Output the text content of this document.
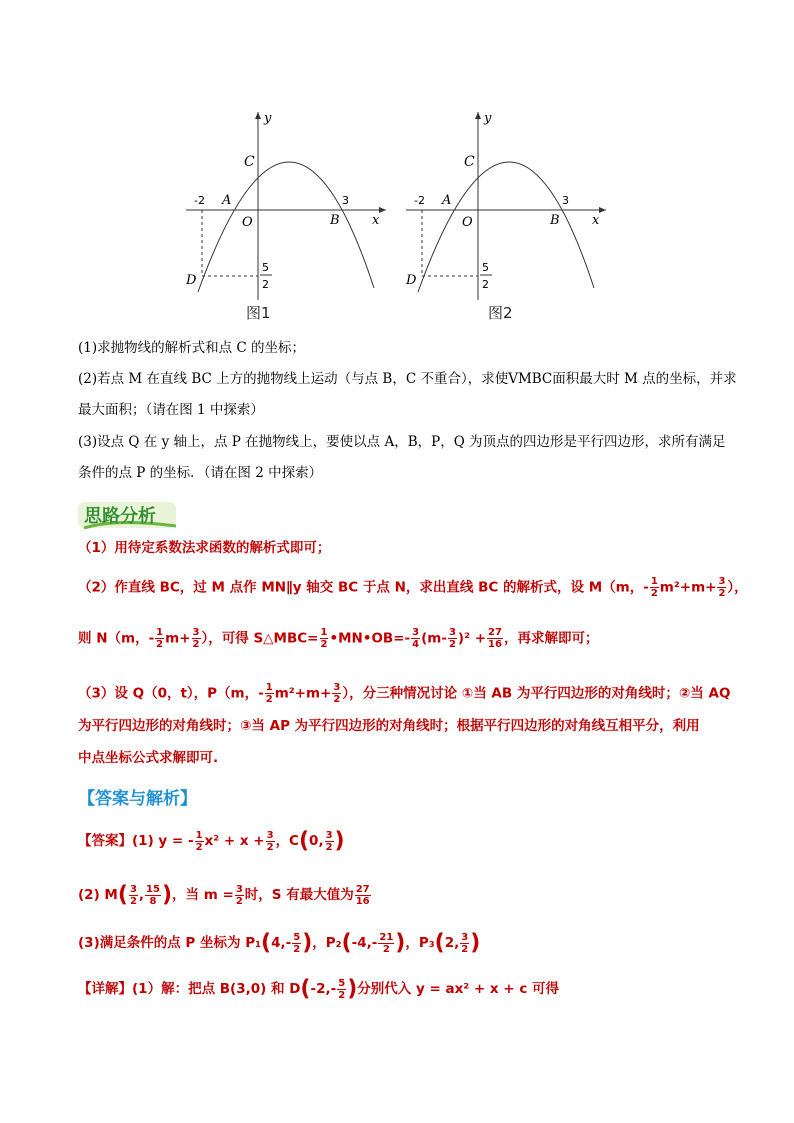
y
x
C
A
O	B
D
-2	3
5
2
图1
y
x
C
A
O	B
D
-2	3
5
2
图2
(1)求抛物线的解析式和点 C 的坐标；
(2)若点 M 在直线 BC 上方的抛物线上运动（与点 B，C 不重合），求使VMBC面积最大时 M 点的坐标，并求
最大面积；（请在图 1 中探索）
(3)设点 Q 在 y 轴上，点 P 在抛物线上，要使以点 A，B，P，Q 为顶点的四边形是平行四边形，求所有满足
条件的点 P 的坐标．（请在图 2 中探索）
思路分析
（1）用待定系数法求函数的解析式即可；
（2）作直线 BC，过 M 点作 MN∥y 轴交 BC 于点 N，求出直线 BC 的解析式，设 M（m，- $\frac{1}{2} m^2+m+ \frac{3}{2}$ ），
则 N（m，- $\frac{1}{2} m+ \frac{3}{2}$ ），可得 S△MBC= $\frac{1}{2}$ •MN•OB=- $\frac{3}{4} (m- \frac{3}{2} )^2 + \frac{27}{16}$ ，再求解即可；
（3）设 Q（0，t），P（m，- $\frac{1}{2} m^2+m+ \frac{3}{2}$ ），分三种情况讨论 ①当 AB 为平行四边形的对角线时；②当 AQ
为平行四边形的对角线时；③当 AP 为平行四边形的对角线时；根据平行四边形的对角线互相平分，利用
中点坐标公式求解即可.
【答案与解析】
【答案】(1) y = - $\frac{1}{2} x^2 + x + \frac{3}{2}$ ，C(0, $\frac{3}{2}$ )
(2) $M( \frac{3}{2}$ , $\frac{15}{8}$ )，当 $m = \frac{3}{2}$ 时，S 有最大值为 $\frac{27}{16}$
(3)满足条件的点 P 坐标为 $P_1(4,- \frac{5}{2}$ )，$P_2(-4,- \frac{21}{2}$ )，P₃(2, $\frac{3}{2}$ )
【详解】(1）解：把点 B(3,0) 和 $D(-2,- \frac{5}{2}$ )分别代入 y = ax² + x + c 可得
